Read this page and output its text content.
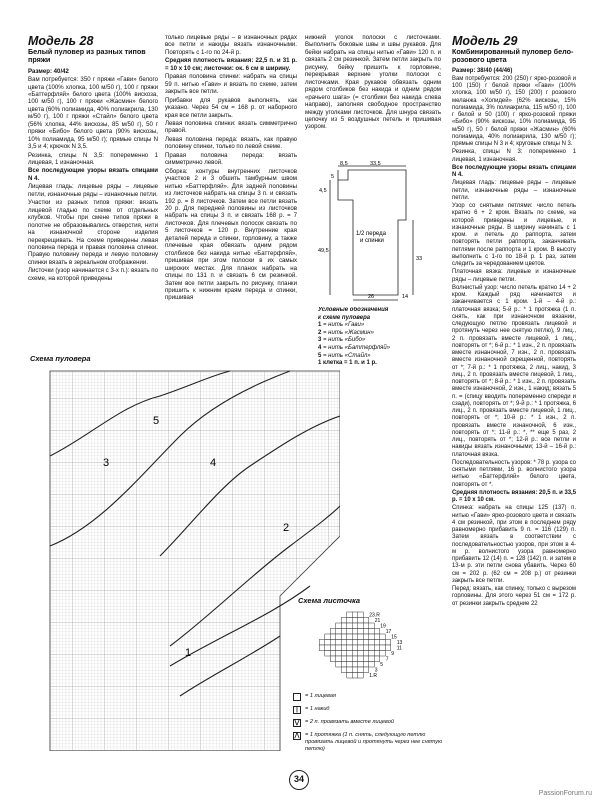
Модель 28
Белый пуловер из разных типов пряжи

Размер: 40/42

Вам потребуется: 350 г пряжи «Гави» белого цвета (100% хлопка, 100 м/50 г), 100 г пряжи «Баттерфляй» белого цвета (100% вискоза, 100 м/50 г), 100 г пряжи «Жасмин» белого цвета (60% полиамида, 40% полиакрила, 130 м/50 г), 100 г пряжи «Стайл» белого цвета (56% хлопка, 44% вискозы, 85 м/50 г), 50 г пряжи «Бибо» белого цвета (90% вискозы, 10% полиамида, 95 м/50 г); прямые спицы N 3,5 и 4; крючок N 3,5.

Резинка, спицы N 3,5: попеременно 1 лицевая, 1 изнаночная.

Все последующие узоры вязать спицами N 4.

Лицевая гладь: лицевые ряды – лицевые петли, изнаночные ряды – изнаночные петли.

Участки из разных типов пряжи: вязать лицевой гладью по схеме от отдельных клубков. Чтобы при смене типов пряжи в полотне не образовывались отверстия, нити на изнаночной стороне изделия перекрещивать. На схеме приведены левая половина переда и правая половина спинки. Правую половину переда и левую половину спинки вязать в зеркальном отображении.

Листочки (узор начинается с 3-х п.): вязать по схеме, на которой приведены

только лицевые ряды – в изнаночных рядах все петли и накиды вязать изнаночными. Повторять с 1-го по 24-й р.

Средняя плотность вязания: 22,5 п. и 31 р. = 10 х 10 см; листочки: ок. 6 см в ширину.

Правая половина спинки: набрать на спицы 59 п. нитью «Гави» и вязать по схеме, затем закрыть все петли.

Прибавки для рукавов выполнять, как указано. Через 54 см = 168 р. от наборного края все петли закрыть.

Левая половина спинки: вязать симметрично правой.

Левая половина переда: вязать, как правую половину спинки, только по левой схеме.

Правая половина переда: вязать симметрично левой.

Сборка: контуры внутренних листочков участков 2 и 3 обшить тамбурным швом нитью «Баттерфляй». Для задней половины из листочков набрать на спицы 3 п. и связать 192 р. = 8 листочков. Затем все петли вязать 20 р. Для передней половины из листочков набрать на спицы 3 п. и связать 168 р. = 7 листочков. Для плечевых полосок связать по 5 листочков = 120 р. Внутренние края деталей переда и спинки, горловину, а также плечевые края обвязать одним рядом столбиков без накида нитью «Баттерфляй», пришивая при этом полоски в их самых широких местах. Для планок набрать на спицы по 131 п. и связать 6 см резинкой. Затем все петли закрыть по рисунку, планки пришить к нижним краям переда и спинки, пришивая

нижний уголок полоски с листочками. Выполнить боковые швы и швы рукавов. Для бейки набрать на спицы нитью «Гави» 120 п. и связать 2 см резинкой. Затем петли закрыть по рисунку, бейку пришить к горловине, перекрывая верхние уголки полоски с листочками. Края рукавов обвязать одним рядом столбиков без накида и одним рядом «рачьего шага» (= столбики без накида слева направо), заполняя свободное пространство между уголками листочков. Для шнура связать цепочку из 5 воздушных петель и пришивая узором.

8,5	33,5
5
4,5
49,5
33
26	14
1/2 переда
и спинки
Условные обозначения
к схеме пуловера
1 = нить «Гави»
2 = нить «Жасмин»
3 = нить «Бибо»
4 = нить «Баттерфляй»
5 = нить «Стайл»
1 клетка = 1 п. и 1 р.
Модель 29
Комбинированный пуловер бело-розового цвета

Размер: 38/40 (44/46)

Вам потребуется: 200 (250) г ярко-розовой и 100 (150) г белой пряжи «Гави» (100% хлопка, 100 м/50 г), 150 (200) г розового меланжа «Холидей» (62% вискозы, 15% полиамида, 3% полиакрила, 115 м/50 г), 100 г белой и 50 (100) г ярко-розовой пряжи «Бибо» (90% вискозы, 10% полиамида, 95 м/50 г), 50 г белой пряжи «Жасмин» (60% полиамида, 40% полиакрила, 130 м/50 г); прямые спицы N 3 и 4; круговые спицы N 3.

Резинка, спицы N 3: попеременно 1 лицевая, 1 изнаночная.

Все последующие узоры вязать спицами N 4.

Лицевая гладь: лицевые ряды – лицевые петли, изнаночные ряды – изнаночные петли.

Узор со снятыми петлями: число петель кратно 6 + 2 кром. Вязать по схеме, на которой приведены и лицевые, и изнаночные ряды. В ширину начинать с 1 кром. и петель до раппорта, затем повторять петли раппорта, заканчивать петлями после раппорта и 1 кром. В высоту выполнить с 1-го по 18-й р. 1 раз, затем следить за чередованием цветов.

Платочная вязка: лицевые и изнаночные ряды – лицевые петли.

Волнистый узор: число петель кратно 14 + 2 кром. Каждый ряд начинается и заканчивается с 1 кром. 1-й – 4-й р.: платочная вязка; 5-й р.: * 1 протяжка (1 п. снять, как при изнаночном вязании, следующую петлю провязать лицевой и протянуть через нее снятую петлю), 9 лиц., 2 п. провязать вместе лицевой, 1 лиц., повторять от *; 6-й р.: * 1 изн., 2 п. провязать вместе изнаночной, 7 изн., 2 п. провязать вместе изнаночной скрещенной, повторять от *; 7-й р.: * 1 протяжка, 2 лиц., накид, 3 лиц., 2 п. провязать вместе лицевой, 1 лиц., повторять от *; 8-й р.: * 1 изн., 2 п. провязать вместе изнаночной, 2 изн., 1 накид; вязать 5 п. = (спицу вводить попеременно спереди и сзади), повторять от *; 9-й р.: * 1 протяжка, 6 лиц., 2 п. провязать вместе лицевой, 1 лиц., повторять от *; 10-й р.: * 1 изн., 2 п. провязать вместе изнаночной, 6 изн., повторять от *; 11-й р.: *, ** еще 5 раз, 2 лиц., повторять от *; 12-й р.: все петли и накиды вязать изнаночными; 13-й – 16-й р.: платочная вязка.

Последовательность узоров: * 78 р. узора со снятыми петлями, 16 р. волнистого узора нитью «Баттерфляй» белого цвета, повторять от *.

Средняя плотность вязания: 20,5 п. и 33,5 р. = 10 х 10 см.

Спинка: набрать на спицы 125 (137) п. нитью «Гави» ярко-розового цвета и связать 4 см резинкой, при этом в последнем ряду равномерно прибавить 9 п. = 116 (129) п. Затем вязать в соответствии с последовательностью узоров, при этом в 4-м р. волнистого узора равномерно прибавить 12 (14) п. = 128 (142) п. и затем в 13-м р. эти петли снова убавить. Через 60 см = 202 р. (62 см = 208 р.) от резинки закрыть все петли.

Перед: вязать, как спинку, только с вырезом горловины. Для этого через 51 см = 172 р. от резинки закрыть средние 22

Схема пуловера
1
2
3	4
5
Схема листочка
23.R
21
19
17
15
13
11
9
7
5
3
1.R
= 1 лицевая
|	= 1 накид
⋁ = 2 п. провязать вместе лицевой
⋀ = 1 протяжка (1 п. снять, следующую петлю провязать лицевой и протянуть через нее снятую петлю)
34
PassionForum.ru
